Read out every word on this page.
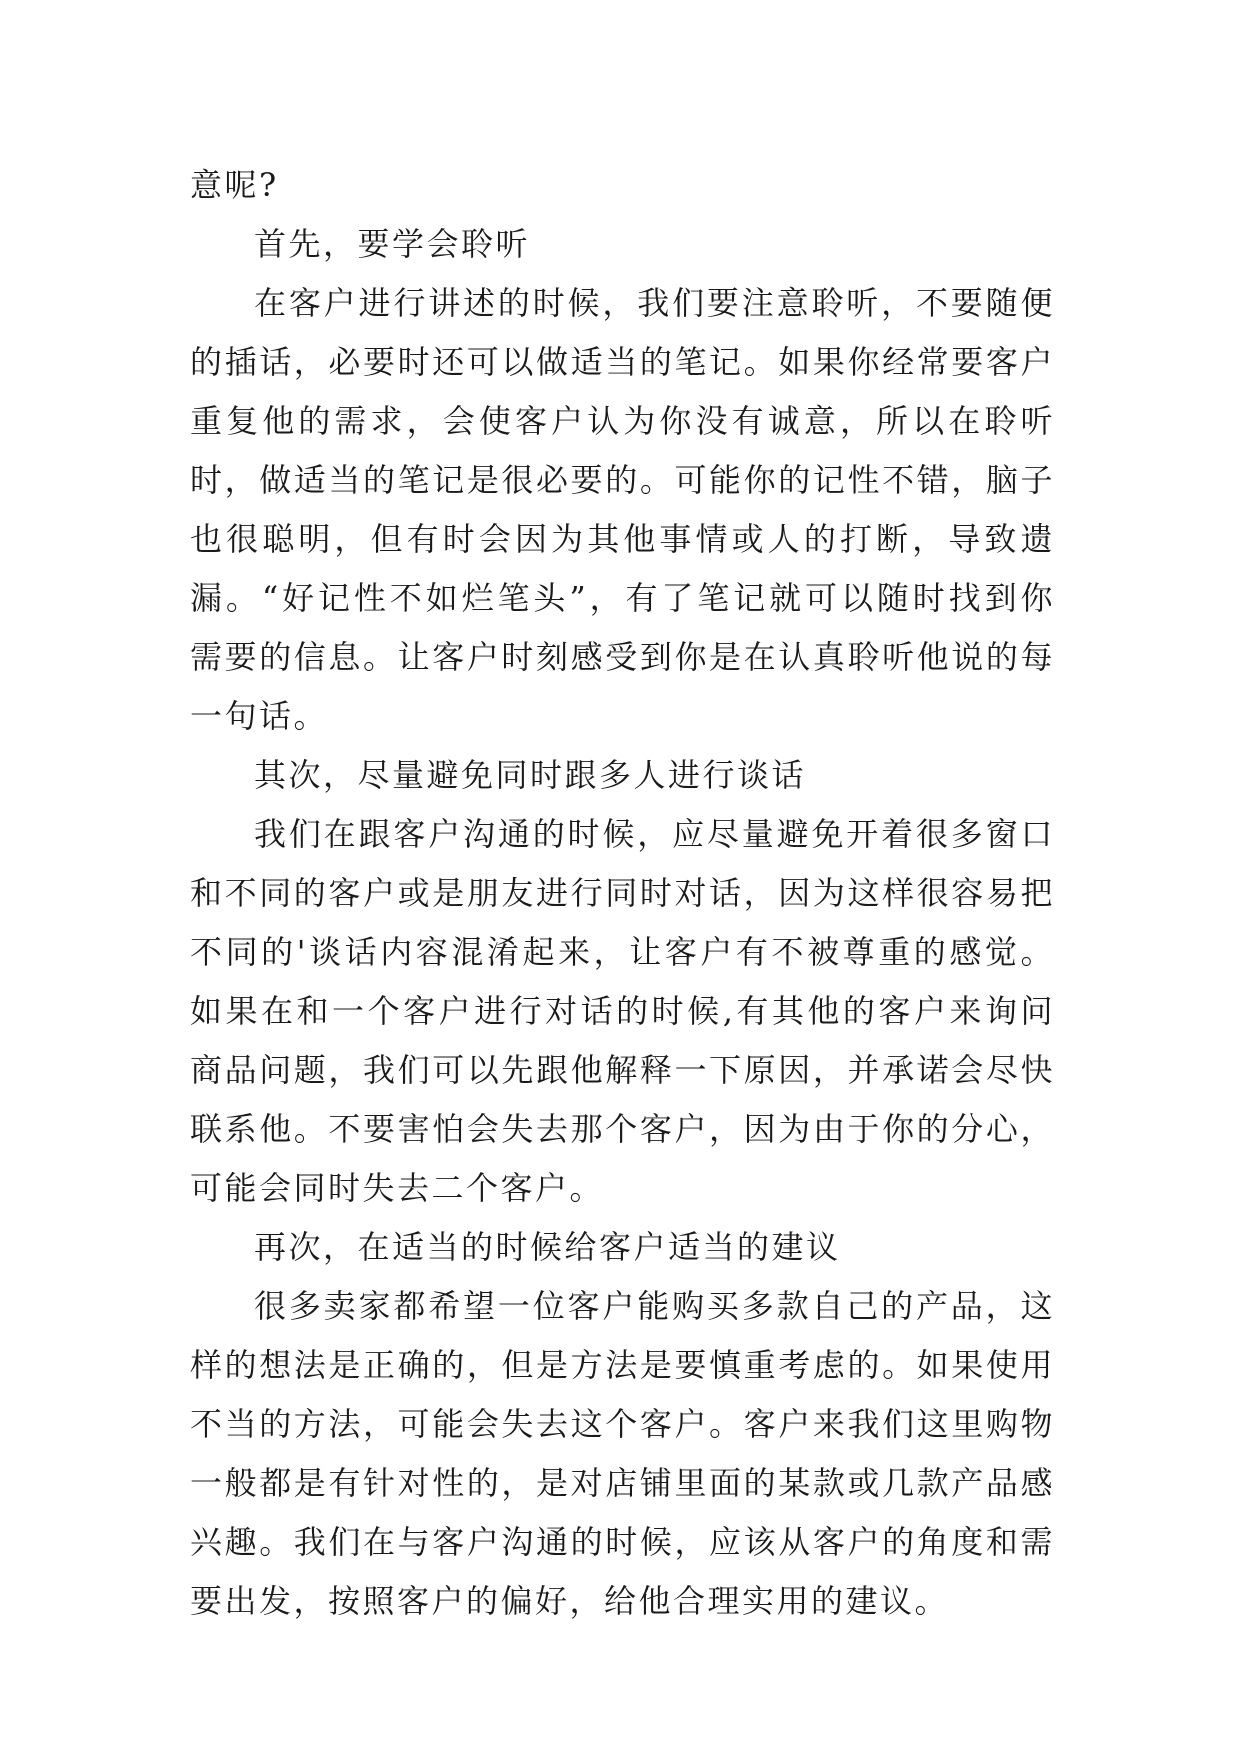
意呢?

首先，要学会聆听

在客户进行讲述的时候，我们要注意聆听，不要随便的插话，必要时还可以做适当的笔记。如果你经常要客户重复他的需求，会使客户认为你没有诚意，所以在聆听时，做适当的笔记是很必要的。可能你的记性不错，脑子也很聪明，但有时会因为其他事情或人的打断，导致遗漏。“好记性不如烂笔头”，有了笔记就可以随时找到你需要的信息。让客户时刻感受到你是在认真聆听他说的每一句话。

其次，尽量避免同时跟多人进行谈话

我们在跟客户沟通的时候，应尽量避免开着很多窗口和不同的客户或是朋友进行同时对话，因为这样很容易把不同的'谈话内容混淆起来，让客户有不被尊重的感觉。如果在和一个客户进行对话的时候,有其他的客户来询问商品问题，我们可以先跟他解释一下原因，并承诺会尽快联系他。不要害怕会失去那个客户，因为由于你的分心，可能会同时失去二个客户。

再次，在适当的时候给客户适当的建议

很多卖家都希望一位客户能购买多款自己的产品，这样的想法是正确的，但是方法是要慎重考虑的。如果使用不当的方法，可能会失去这个客户。客户来我们这里购物一般都是有针对性的，是对店铺里面的某款或几款产品感兴趣。我们在与客户沟通的时候，应该从客户的角度和需要出发，按照客户的偏好，给他合理实用的建议。
